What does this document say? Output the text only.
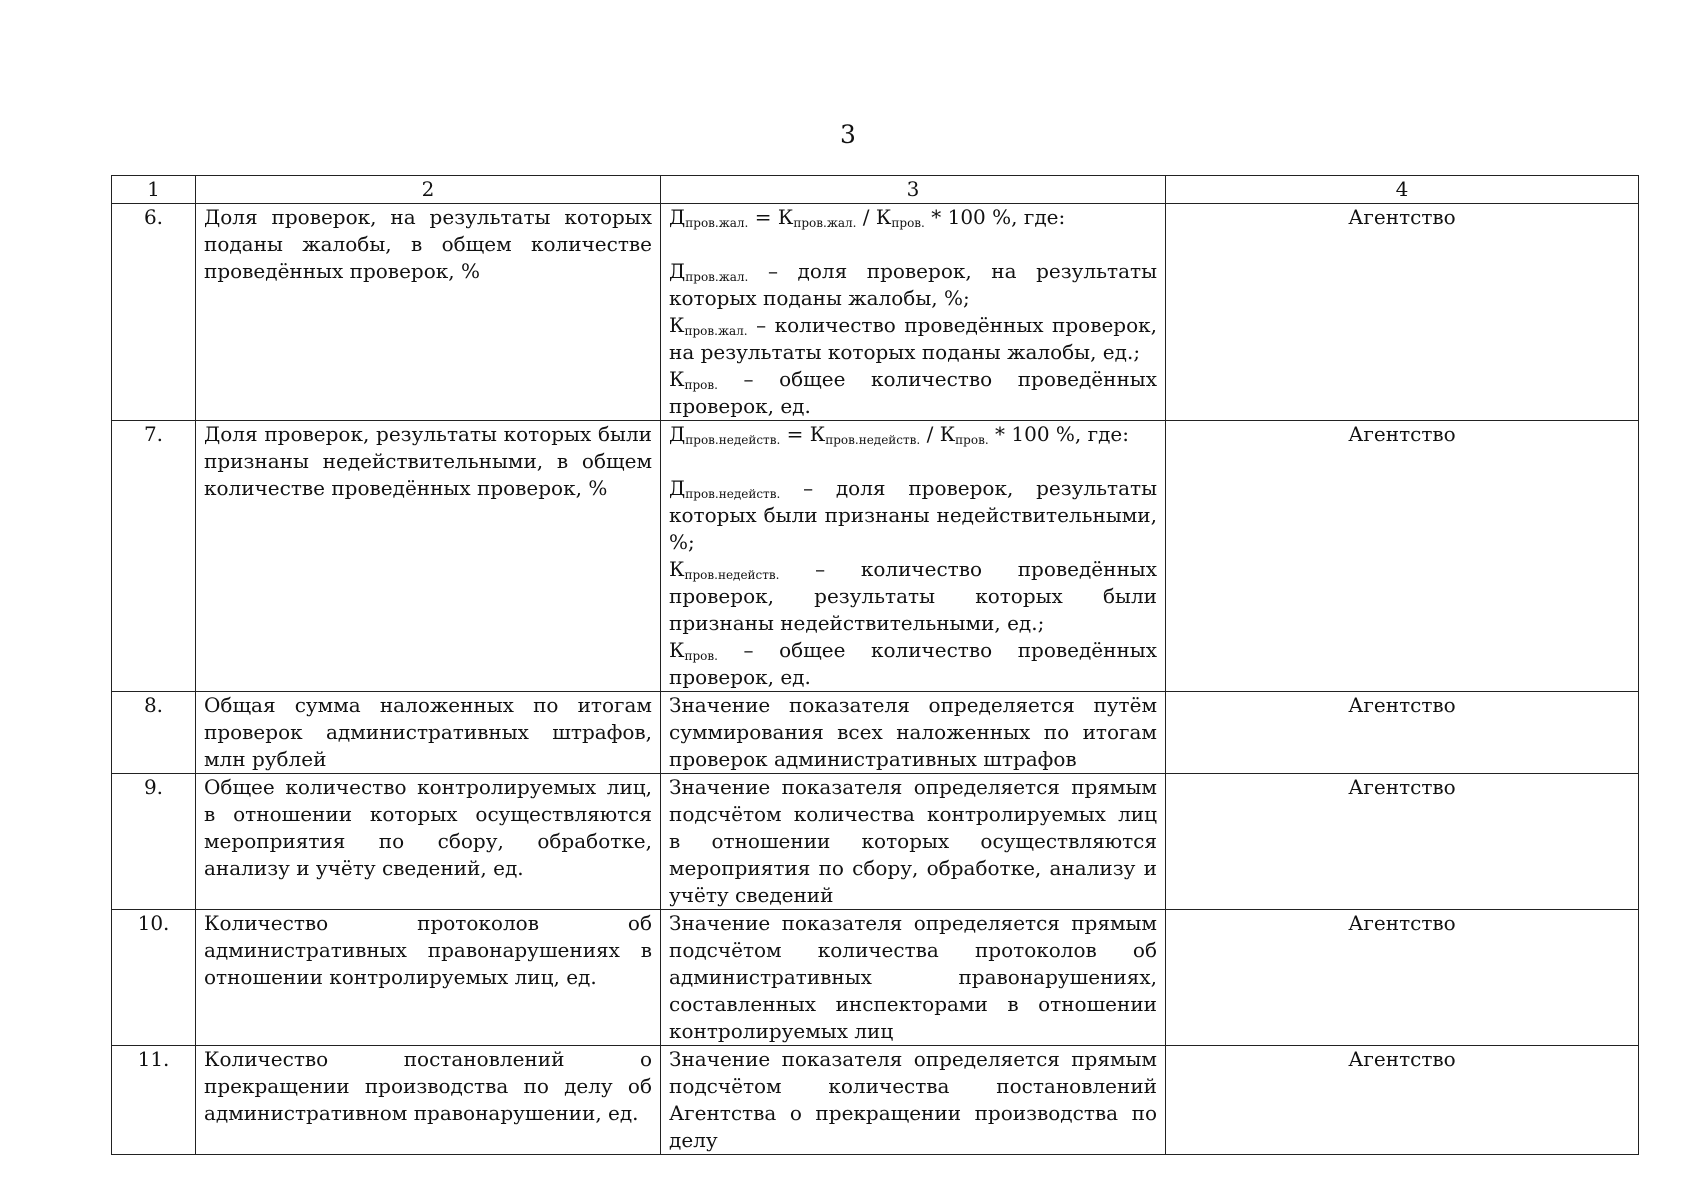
3
1	2	3	4
6.	Доля проверок, на результаты которых поданы жалобы, в общем количестве проведённых проверок, %	$Д_{пров.жал.} = К_{пров.жал.} / К_{пров.} * 100$ %, где:
$Д_{пров.жал.}$ – доля проверок, на результаты которых поданы жалобы, %;
$К_{пров.жал.}$ – количество проведённых проверок, на результаты которых поданы жалобы, ед.;
$К_{пров.}$ – общее количество проведённых проверок, ед.	Агентство
7.	Доля проверок, результаты которых были признаны недействительными, в общем количестве проведённых проверок, %	$Д_{пров.недейств.} = К_{пров.недейств.} / К_{пров.} * 100$ %, где:
$Д_{пров.недейств.}$ – доля проверок, результаты которых были признаны недействительными, %;
$К_{пров.недейств.}$ – количество проведённых проверок, результаты которых были признаны недействительными, ед.;
$К_{пров.}$ – общее количество проведённых проверок, ед.	Агентство
8.	Общая сумма наложенных по итогам проверок административных штрафов, млн рублей	Значение показателя определяется путём суммирования всех наложенных по итогам проверок административных штрафов	Агентство
9.	Общее количество контролируемых лиц, в отношении которых осуществляются мероприятия по сбору, обработке, анализу и учёту сведений, ед.	Значение показателя определяется прямым подсчётом количества контролируемых лиц в отношении которых осуществляются мероприятия по сбору, обработке, анализу и учёту сведений	Агентство
10.	Количество протоколов об административных правонарушениях в отношении контролируемых лиц, ед.	Значение показателя определяется прямым подсчётом количества протоколов об административных правонарушениях, составленных инспекторами в отношении контролируемых лиц	Агентство
11.	Количество постановлений о прекращении производства по делу об административном правонарушении, ед.	Значение показателя определяется прямым подсчётом количества постановлений Агентства о прекращении производства по делу	Агентство
